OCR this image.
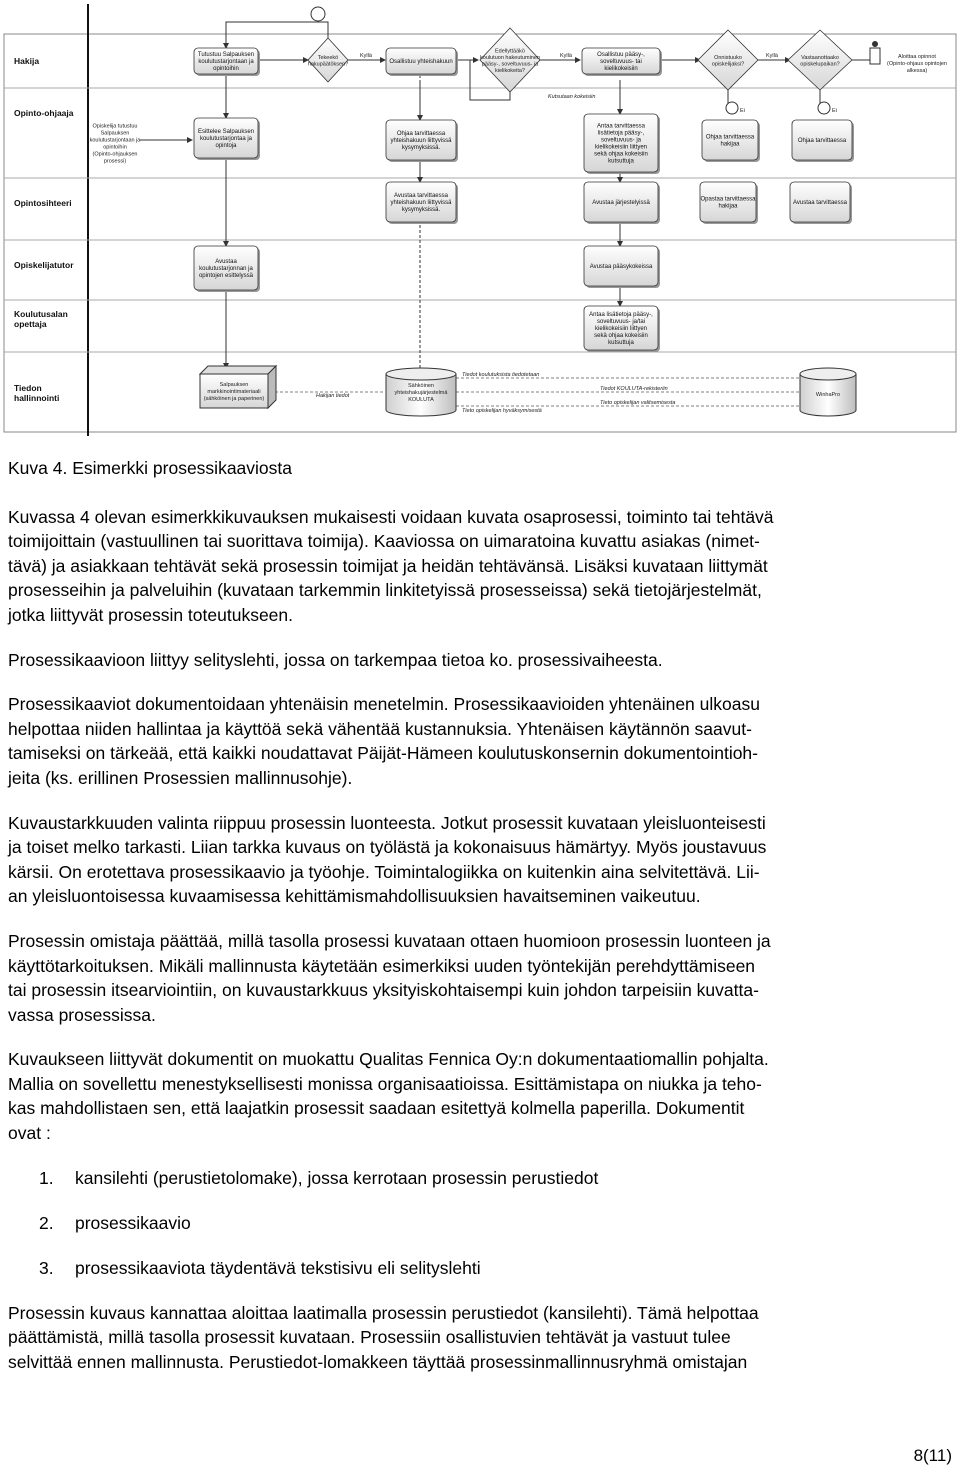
Hakija
Opinto-ohjaaja
Opintosihteeri
Opiskelijatutor
Koulutusalan opettaja
Tiedon hallinnointi
Tutustuu Salpauksen koulutustarjontaan ja opintoihin
Osallistuu yhteishakuun
Osallistuu pääsy-, soveltuvuus- tai kielikokeisiin
Opiskelija tutustuu Salpauksen koulutustarjontaan ja opintoihin (Opinto-ohjauksen prosessi)
Esittelee Salpauksen koulutustarjontaa ja opintoja
Ohjaa tarvittaessa yhteishakuun liittyvissä kysymyksissä.
Antaa tarvittaessa lisätietoja pääsy-, soveltuvuus- ja kielikokeisiin liittyen sekä ohjaa kokeisiin kutsuttuja
Ohjaa tarvittaessa hakijaa
Ohjaa tarvittaessa
Avustaa tarvittaessa yhteishakuun liittyvissä kysymyksissä.
Avustaa järjestelyissä
Opastaa tarvittaessa hakijaa
Avustaa tarvittaessa
Avustaa koulutustarjonnan ja opintojen esittelyssä
Avustaa pääsykokeissa
Antaa lisätietoja pääsy-, soveltuvuus- ja/tai kielikokeisiin liittyen sekä ohjaa kokeisiin kutsuttuja
Aloittaa opinnot (Opinto-ohjaus opintojen alkessa)
Tekeekö hakupäätöksen?
Edellyttääkö koulutuon hakeutuminen pääsy-, soveltuvuus- ja kielikokeita?
Onnistuuko opiskelijaksi?
Vastaanottaako opiskelupaikan?
Salpauksen markkinointimateriaali (sähköinen ja paperinen)
Sähköinen yhteishakujärjestelmä KOULUTA
WinhaPro
Kyllä	Kyllä	Kyllä
Ei	Ei
Kutsutaan kokeisiin
Hakijan tiedot
Tieto opiskelijan hyväksymisestä
Tiedot koulutuksista tiedotetaan
Tieto opiskelijan valitsemisesta
Tiedot KOULUTA-rekisteriin

Kuva 4. Esimerkki prosessikaaviosta

Kuvassa 4 olevan esimerkkikuvauksen mukaisesti voidaan kuvata osaprosessi, toiminto tai tehtävä
toimijoittain (vastuullinen tai suorittava toimija). Kaaviossa on uimaratoina kuvattu asiakas (nimet-
tävä) ja asiakkaan tehtävät sekä prosessin toimijat ja heidän tehtävänsä. Lisäksi kuvataan liittymät
prosesseihin ja palveluihin (kuvataan tarkemmin linkitetyissä prosesseissa) sekä tietojärjestelmät,
jotka liittyvät prosessin toteutukseen.

Prosessikaavioon liittyy selityslehti, jossa on tarkempaa tietoa ko. prosessivaiheesta.

Prosessikaaviot dokumentoidaan yhtenäisin menetelmin. Prosessikaavioiden yhtenäinen ulkoasu
helpottaa niiden hallintaa ja käyttöä sekä vähentää kustannuksia. Yhtenäisen käytännön saavut-
tamiseksi on tärkeää, että kaikki noudattavat Päijät-Hämeen koulutuskonsernin dokumentointioh-
jeita (ks. erillinen Prosessien mallinnusohje).

Kuvaustarkkuuden valinta riippuu prosessin luonteesta. Jotkut prosessit kuvataan yleisluonteisesti
ja toiset melko tarkasti. Liian tarkka kuvaus on työlästä ja kokonaisuus hämärtyy. Myös joustavuus
kärsii. On erotettava prosessikaavio ja työohje. Toimintalogiikka on kuitenkin aina selvitettävä. Lii-
an yleisluontoisessa kuvaamisessa kehittämismahdollisuuksien havaitseminen vaikeutuu.

Prosessin omistaja päättää, millä tasolla prosessi kuvataan ottaen huomioon prosessin luonteen ja
käyttötarkoituksen. Mikäli mallinnusta käytetään esimerkiksi uuden työntekijän perehdyttämiseen
tai prosessin itsearviointiin, on kuvaustarkkuus yksityiskohtaisempi kuin johdon tarpeisiin kuvatta-
vassa prosessissa.

Kuvaukseen liittyvät dokumentit on muokattu Qualitas Fennica Oy:n dokumentaatiomallin pohjalta.
Mallia on sovellettu menestyksellisesti monissa organisaatioissa. Esittämistapa on niukka ja teho-
kas mahdollistaen sen, että laajatkin prosessit saadaan esitettyä kolmella paperilla. Dokumentit
ovat :

1. kansilehti (perustietolomake), jossa kerrotaan prosessin perustiedot
2. prosessikaavio
3. prosessikaaviota täydentävä tekstisivu eli selityslehti

Prosessin kuvaus kannattaa aloittaa laatimalla prosessin perustiedot (kansilehti). Tämä helpottaa
päättämistä, millä tasolla prosessit kuvataan. Prosessiin osallistuvien tehtävät ja vastuut tulee
selvittää ennen mallinnusta. Perustiedot-lomakkeen täyttää prosessinmallinnusryhmä omistajan

8(11)
